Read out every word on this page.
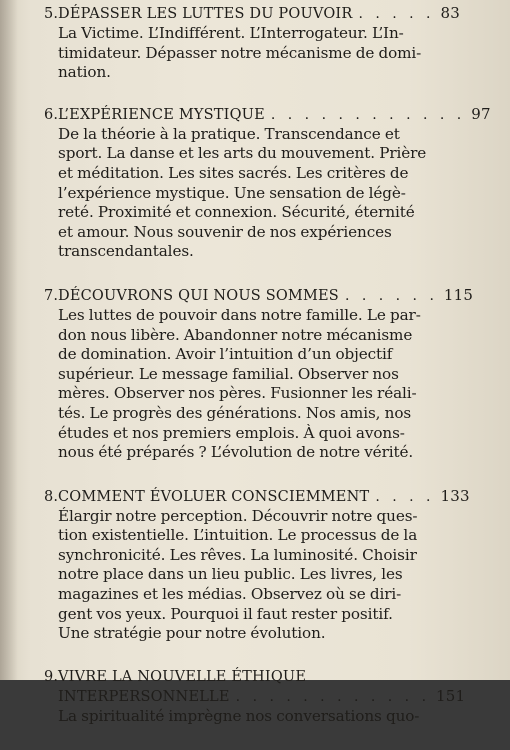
5. DÉPASSER LES LUTTES DU POUVOIR . . . . . 83
La Victime. L’Indifférent. L’Interrogateur. L’In-
timidateur. Dépasser notre mécanisme de domi-
nation.
6. L’EXPÉRIENCE MYSTIQUE . . . . . . . . . . . . 97
De la théorie à la pratique. Transcendance et
sport. La danse et les arts du mouvement. Prière
et méditation. Les sites sacrés. Les critères de
l’expérience mystique. Une sensation de légè-
reté. Proximité et connexion. Sécurité, éternité
et amour. Nous souvenir de nos expériences
transcendantales.
7. DÉCOUVRONS QUI NOUS SOMMES . . . . . . 115
Les luttes de pouvoir dans notre famille. Le par-
don nous libère. Abandonner notre mécanisme
de domination. Avoir l’intuition d’un objectif
supérieur. Le message familial. Observer nos
mères. Observer nos pères. Fusionner les réali-
tés. Le progrès des générations. Nos amis, nos
études et nos premiers emplois. À quoi avons-
nous été préparés ? L’évolution de notre vérité.
8. COMMENT ÉVOLUER CONSCIEMMENT . . . . 133
Élargir notre perception. Découvrir notre ques-
tion existentielle. L’intuition. Le processus de la
synchronicité. Les rêves. La luminosité. Choisir
notre place dans un lieu public. Les livres, les
magazines et les médias. Observez où se diri-
gent vos yeux. Pourquoi il faut rester positif.
Une stratégie pour notre évolution.
9. VIVRE LA NOUVELLE ÉTHIQUE
INTERPERSONNELLE . . . . . . . . . . . . 151
La spiritualité imprègne nos conversations quo-
